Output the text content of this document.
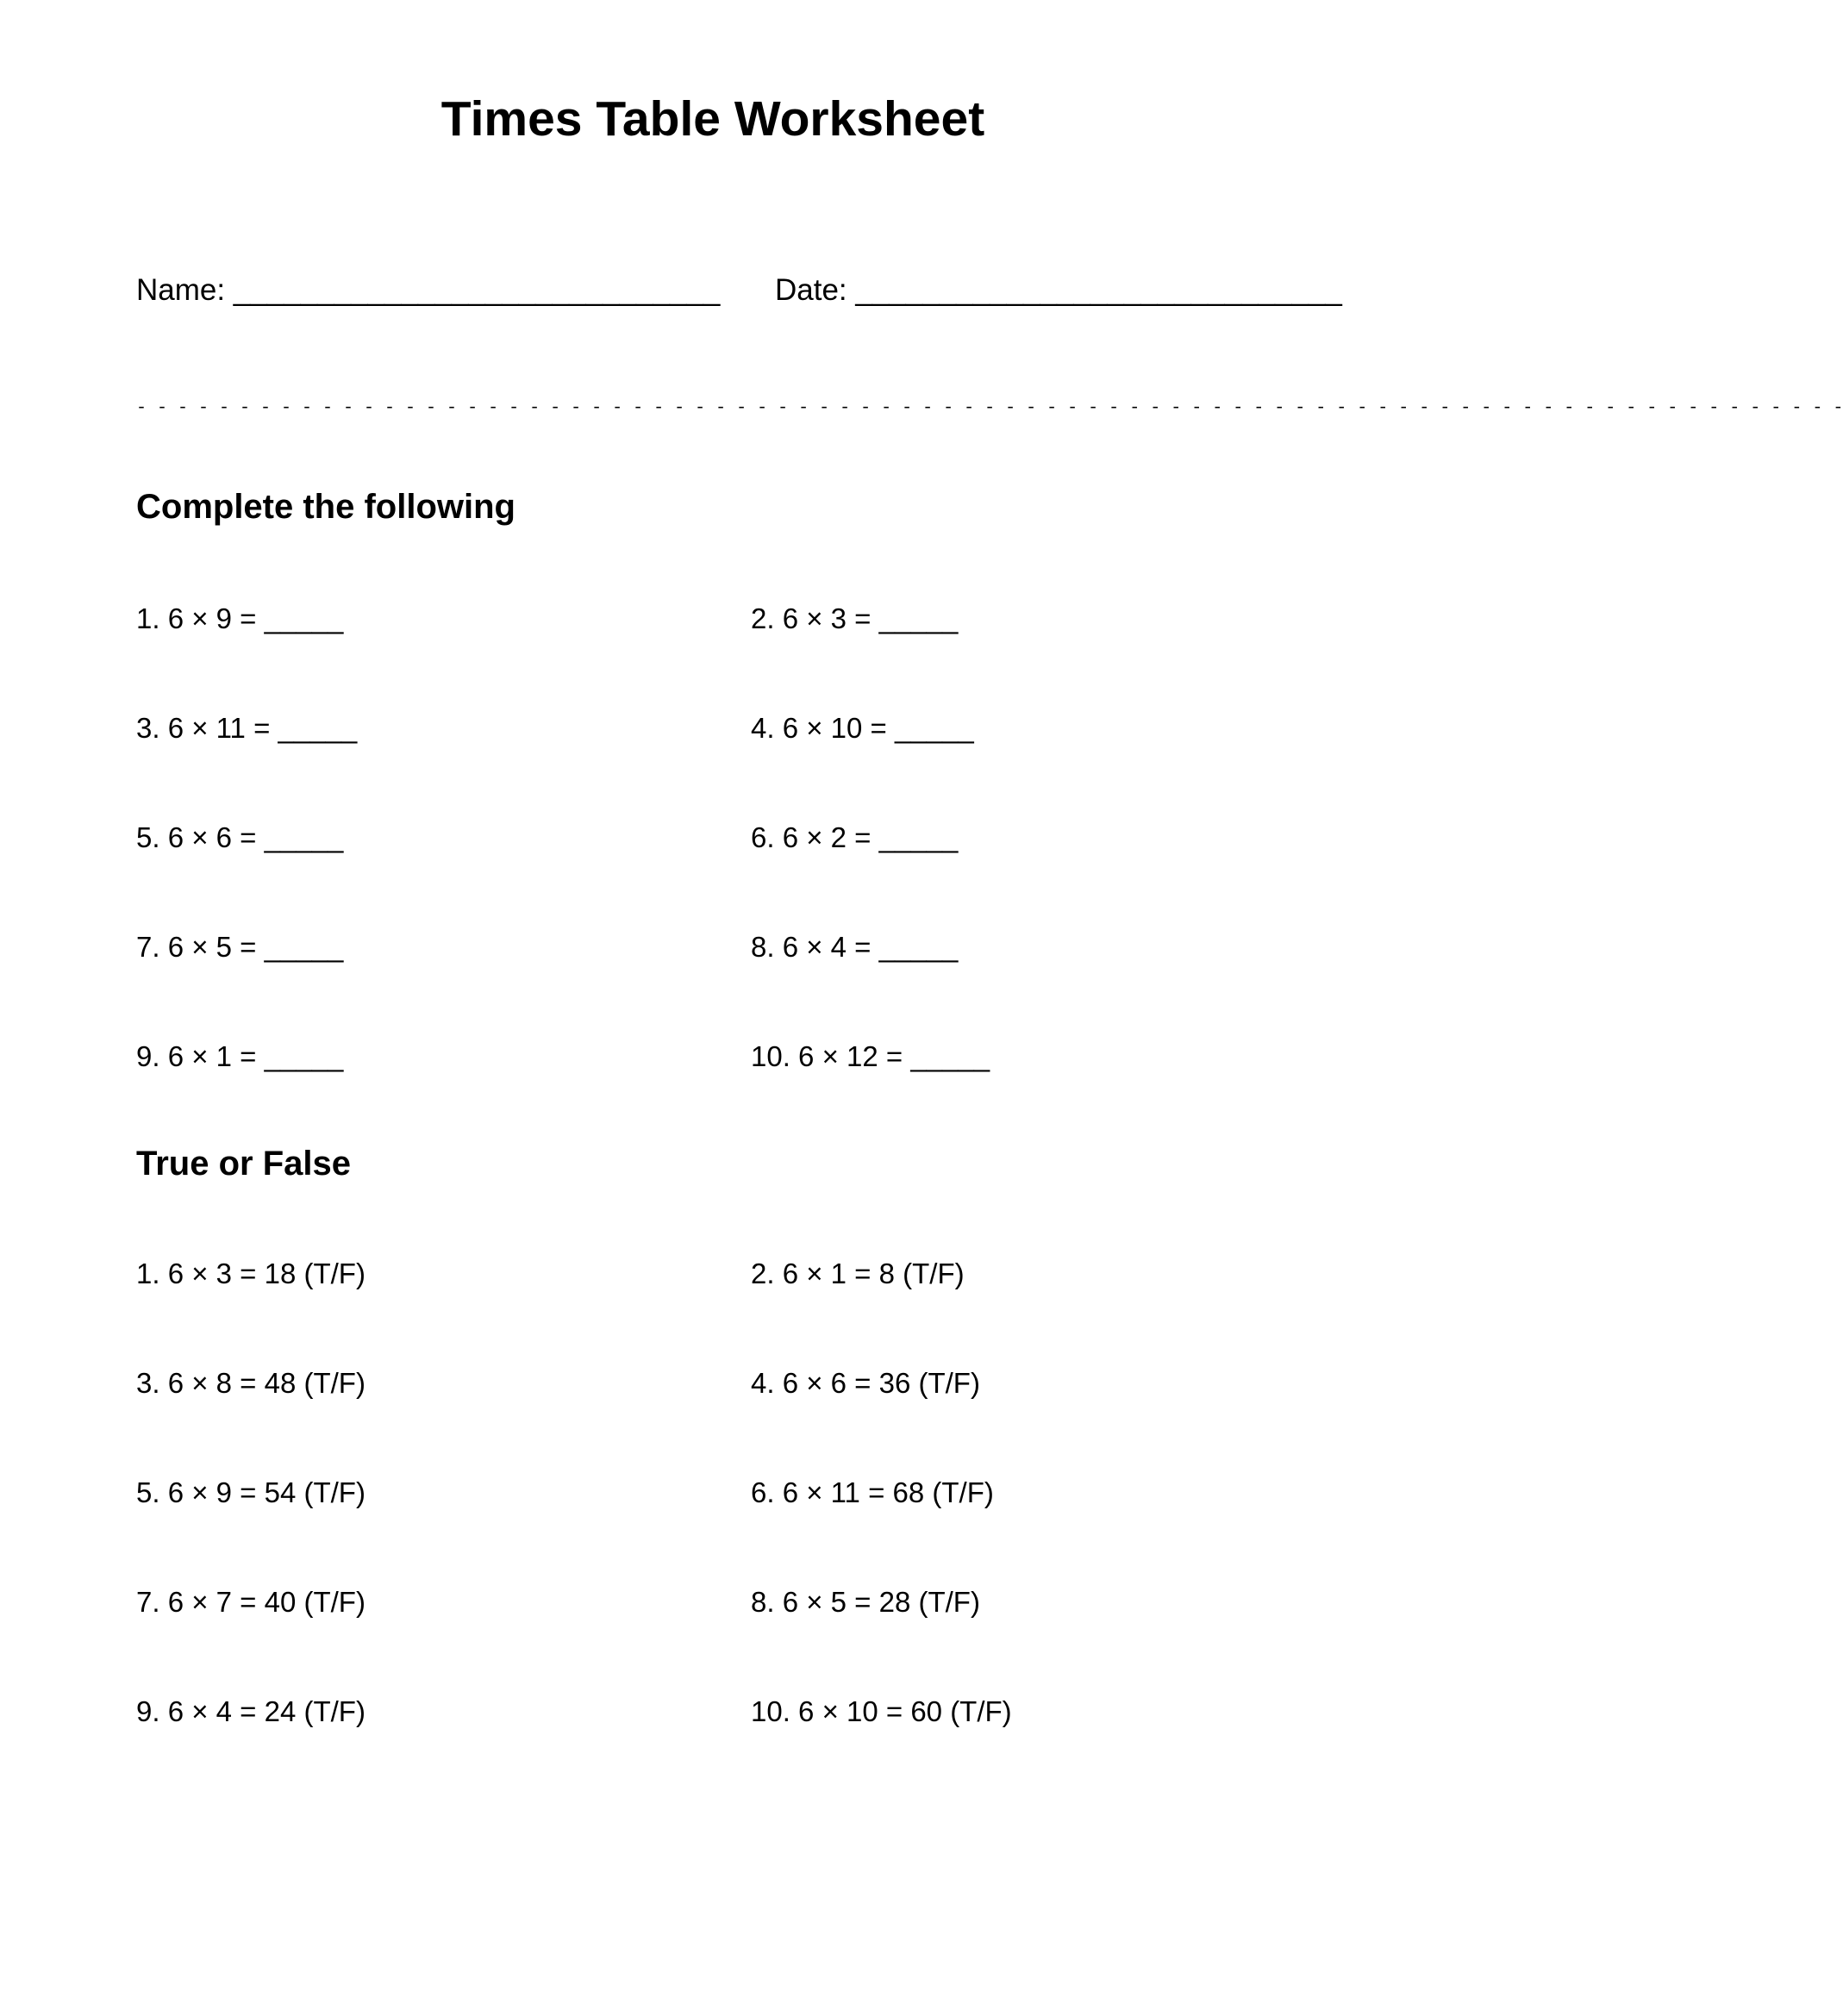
Times Table Worksheet
Name: _____________________________ Date: _____________________________
- - - - - - - - - - - - - - - - - - - - - - - - - - - - - - - - - - - - - - - - - - - - - - - - - - - - - - - - - - - - - - - - - - - - - - - - - - - - - - - - - - -
Complete the following
1. 6 × 9 = _____	2. 6 × 3 = _____
3. 6 × 11 = _____	4. 6 × 10 = _____
5. 6 × 6 = _____	6. 6 × 2 = _____
7. 6 × 5 = _____	8. 6 × 4 = _____
9. 6 × 1 = _____	10. 6 × 12 = _____
True or False
1. 6 × 3 = 18 (T/F)	2. 6 × 1 = 8 (T/F)
3. 6 × 8 = 48 (T/F)	4. 6 × 6 = 36 (T/F)
5. 6 × 9 = 54 (T/F)	6. 6 × 11 = 68 (T/F)
7. 6 × 7 = 40 (T/F)	8. 6 × 5 = 28 (T/F)
9. 6 × 4 = 24 (T/F)	10. 6 × 10 = 60 (T/F)
